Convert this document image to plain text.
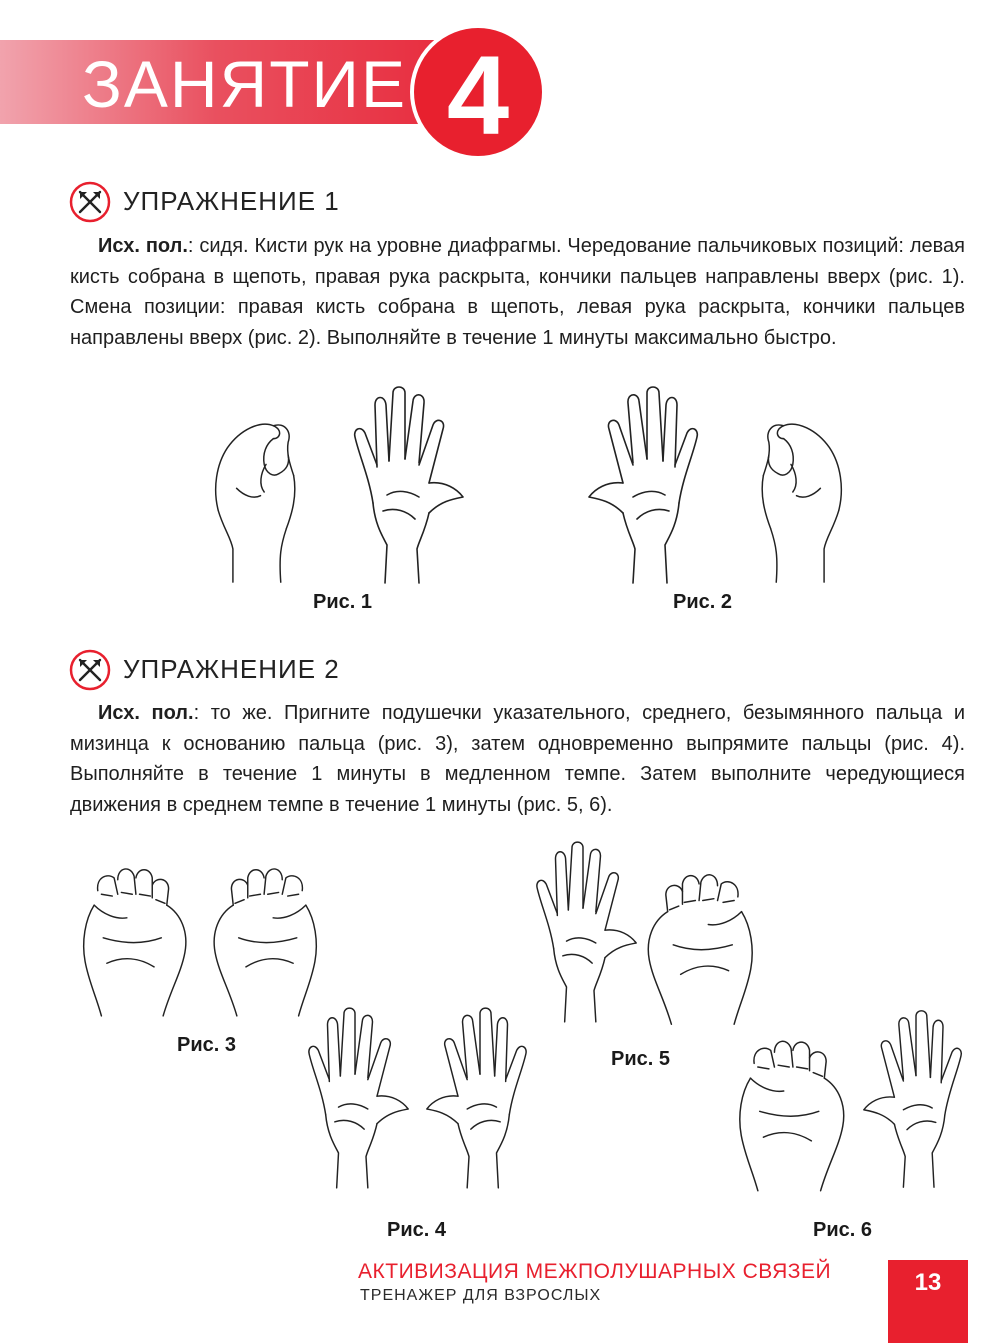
ЗАНЯТИЕ 4
УПРАЖНЕНИЕ 1
Исх. пол.: сидя. Кисти рук на уровне диафрагмы. Чередование пальчиковых позиций: левая кисть собрана в щепоть, правая рука раскрыта, кончики пальцев направлены вверх (рис. 1). Смена позиции: правая кисть собрана в щепоть, левая рука раскрыта, кончики пальцев направлены вверх (рис. 2). Выполняйте в течение 1 минуты максимально быстро.
Рис. 1	Рис. 2
УПРАЖНЕНИЕ 2
Исх. пол.: то же. Пригните подушечки указательного, среднего, безымянного пальца и мизинца к основанию пальца (рис. 3), затем одновременно выпрямите пальцы (рис. 4). Выполняйте в течение 1 минуты в медленном темпе. Затем выполните чередующиеся движения в среднем темпе в течение 1 минуты (рис. 5, 6).
Рис. 3
Рис. 4
Рис. 5
Рис. 6
АКТИВИЗАЦИЯ МЕЖПОЛУШАРНЫХ СВЯЗЕЙ
ТРЕНАЖЕР ДЛЯ ВЗРОСЛЫХ	13
